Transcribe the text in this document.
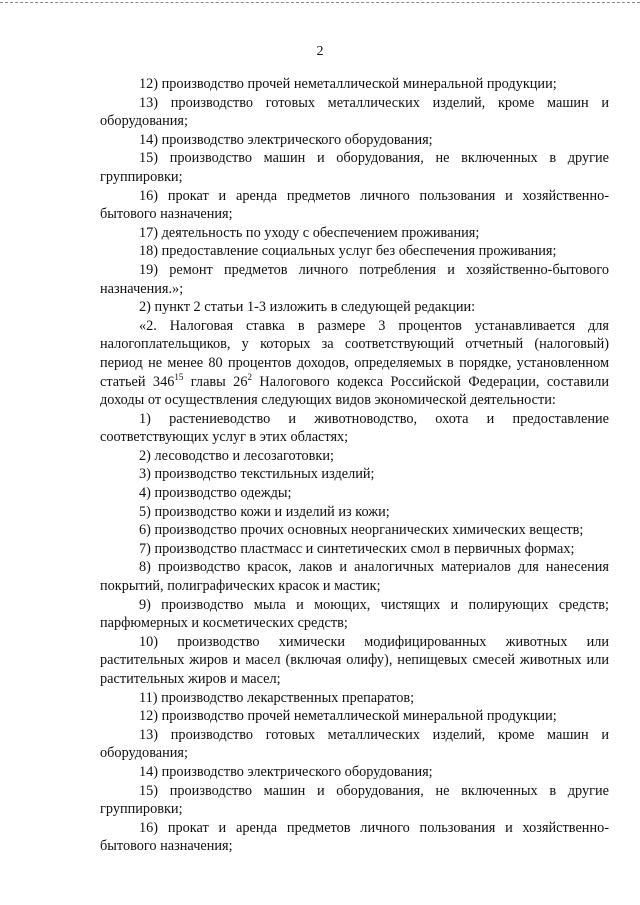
2

12) производство прочей неметаллической минеральной продукции;

13) производство готовых металлических изделий, кроме машин и оборудования;

14) производство электрического оборудования;

15) производство машин и оборудования, не включенных в другие группировки;

16) прокат и аренда предметов личного пользования и хозяйственно-бытового назначения;

17) деятельность по уходу с обеспечением проживания;

18) предоставление социальных услуг без обеспечения проживания;

19) ремонт предметов личного потребления и хозяйственно-бытового назначения.»;

2) пункт 2 статьи 1-3 изложить в следующей редакции:

«2. Налоговая ставка в размере 3 процентов устанавливается для налогоплательщиков, у которых за соответствующий отчетный (налоговый) период не менее 80 процентов доходов, определяемых в порядке, установленном статьей $346^{15}$ главы $26^2$ Налогового кодекса Российской Федерации, составили доходы от осуществления следующих видов экономической деятельности:

1) растениеводство и животноводство, охота и предоставление соответствующих услуг в этих областях;

2) лесоводство и лесозаготовки;

3) производство текстильных изделий;

4) производство одежды;

5) производство кожи и изделий из кожи;

6) производство прочих основных неорганических химических веществ;

7) производство пластмасс и синтетических смол в первичных формах;

8) производство красок, лаков и аналогичных материалов для нанесения покрытий, полиграфических красок и мастик;

9) производство мыла и моющих, чистящих и полирующих средств; парфюмерных и косметических средств;

10) производство химически модифицированных животных или растительных жиров и масел (включая олифу), непищевых смесей животных или растительных жиров и масел;

11) производство лекарственных препаратов;

12) производство прочей неметаллической минеральной продукции;

13) производство готовых металлических изделий, кроме машин и оборудования;

14) производство электрического оборудования;

15) производство машин и оборудования, не включенных в другие группировки;

16) прокат и аренда предметов личного пользования и хозяйственно-бытового назначения;
